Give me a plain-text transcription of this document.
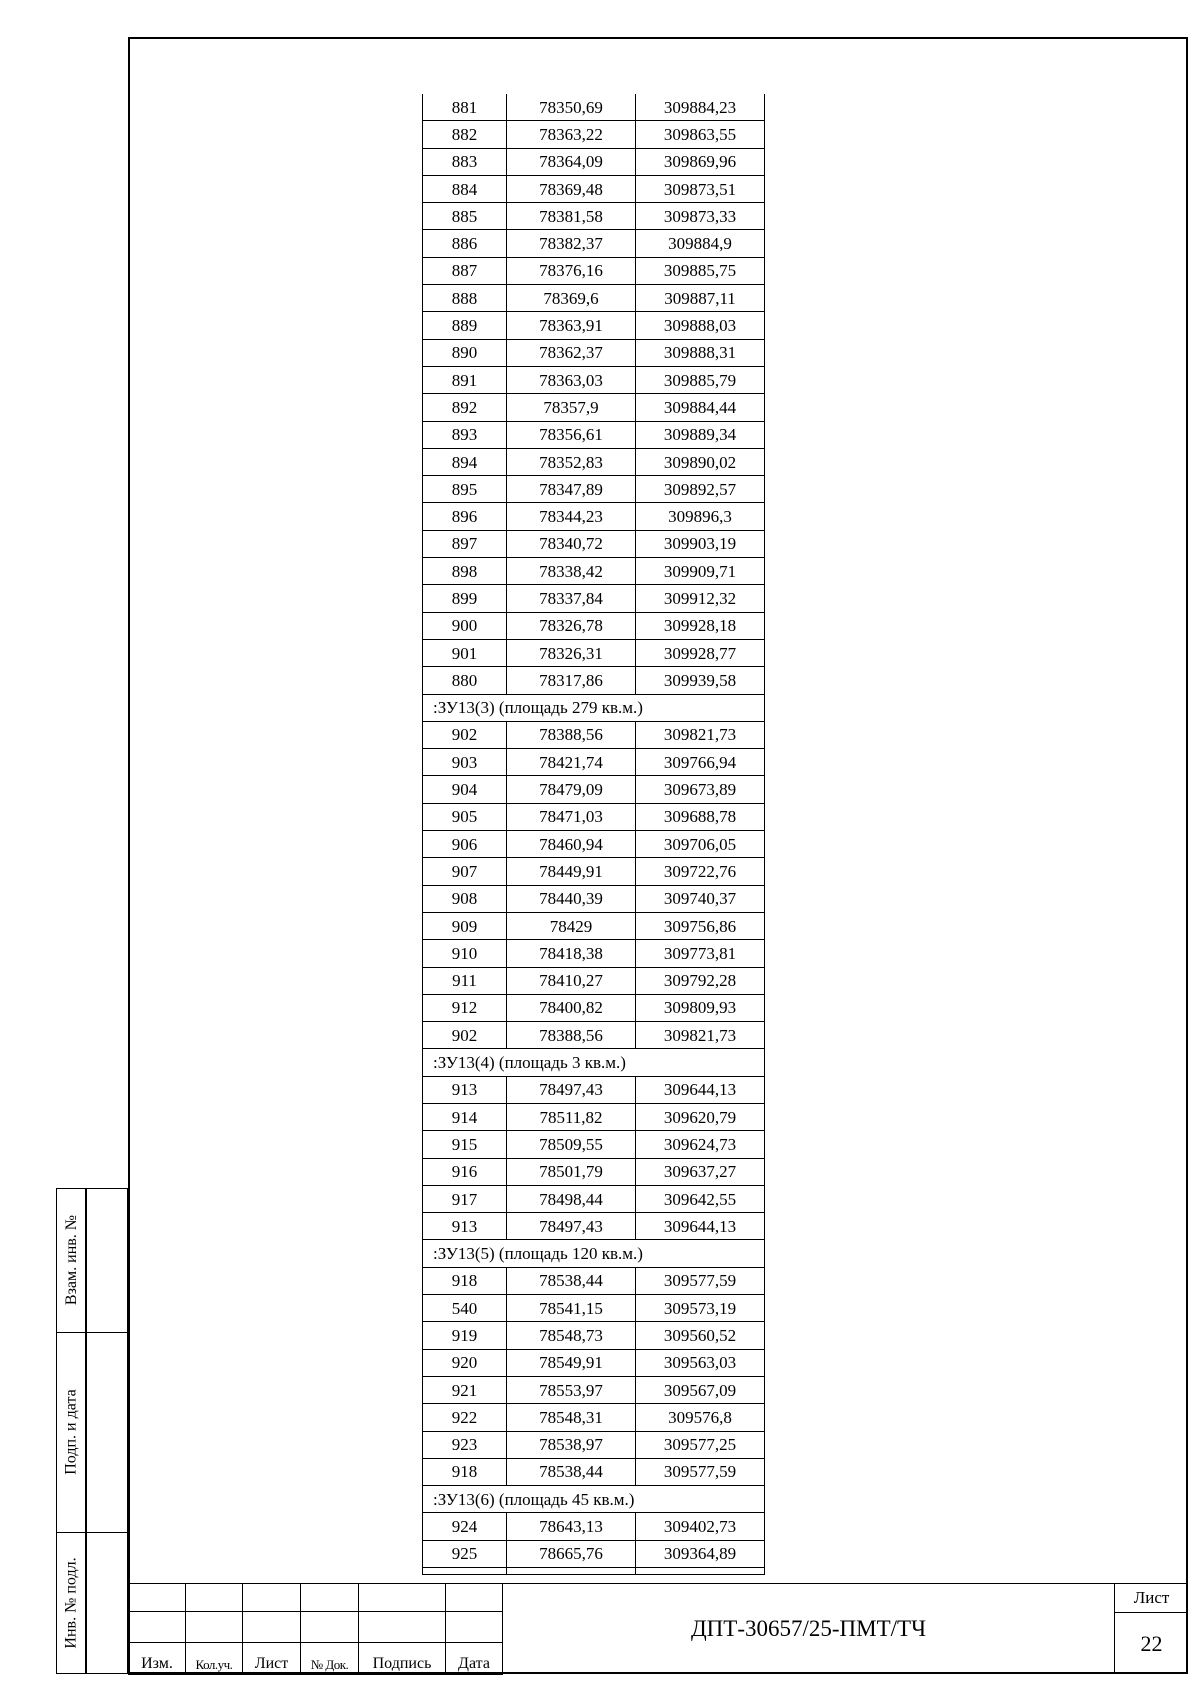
881	78350,69	309884,23
882	78363,22	309863,55
883	78364,09	309869,96
884	78369,48	309873,51
885	78381,58	309873,33
886	78382,37	309884,9
887	78376,16	309885,75
888	78369,6	309887,11
889	78363,91	309888,03
890	78362,37	309888,31
891	78363,03	309885,79
892	78357,9	309884,44
893	78356,61	309889,34
894	78352,83	309890,02
895	78347,89	309892,57
896	78344,23	309896,3
897	78340,72	309903,19
898	78338,42	309909,71
899	78337,84	309912,32
900	78326,78	309928,18
901	78326,31	309928,77
880	78317,86	309939,58
:ЗУ13(3) (площадь 279 кв.м.)		
902	78388,56	309821,73
903	78421,74	309766,94
904	78479,09	309673,89
905	78471,03	309688,78
906	78460,94	309706,05
907	78449,91	309722,76
908	78440,39	309740,37
909	78429	309756,86
910	78418,38	309773,81
911	78410,27	309792,28
912	78400,82	309809,93
902	78388,56	309821,73
:ЗУ13(4) (площадь 3 кв.м.)		
913	78497,43	309644,13
914	78511,82	309620,79
915	78509,55	309624,73
916	78501,79	309637,27
917	78498,44	309642,55
913	78497,43	309644,13
:ЗУ13(5) (площадь 120 кв.м.)		
918	78538,44	309577,59
540	78541,15	309573,19
919	78548,73	309560,52
920	78549,91	309563,03
921	78553,97	309567,09
922	78548,31	309576,8
923	78538,97	309577,25
918	78538,44	309577,59
:ЗУ13(6) (площадь 45 кв.м.)		
924	78643,13	309402,73
925	78665,76	309364,89

Взам. инв. №
Подп. и дата
Инв. № подл.

Изм.	Кол.уч.	Лист	№ Док.	Подпись	Дата
ДПТ-30657/25-ПМТ/ТЧ
Лист
22
